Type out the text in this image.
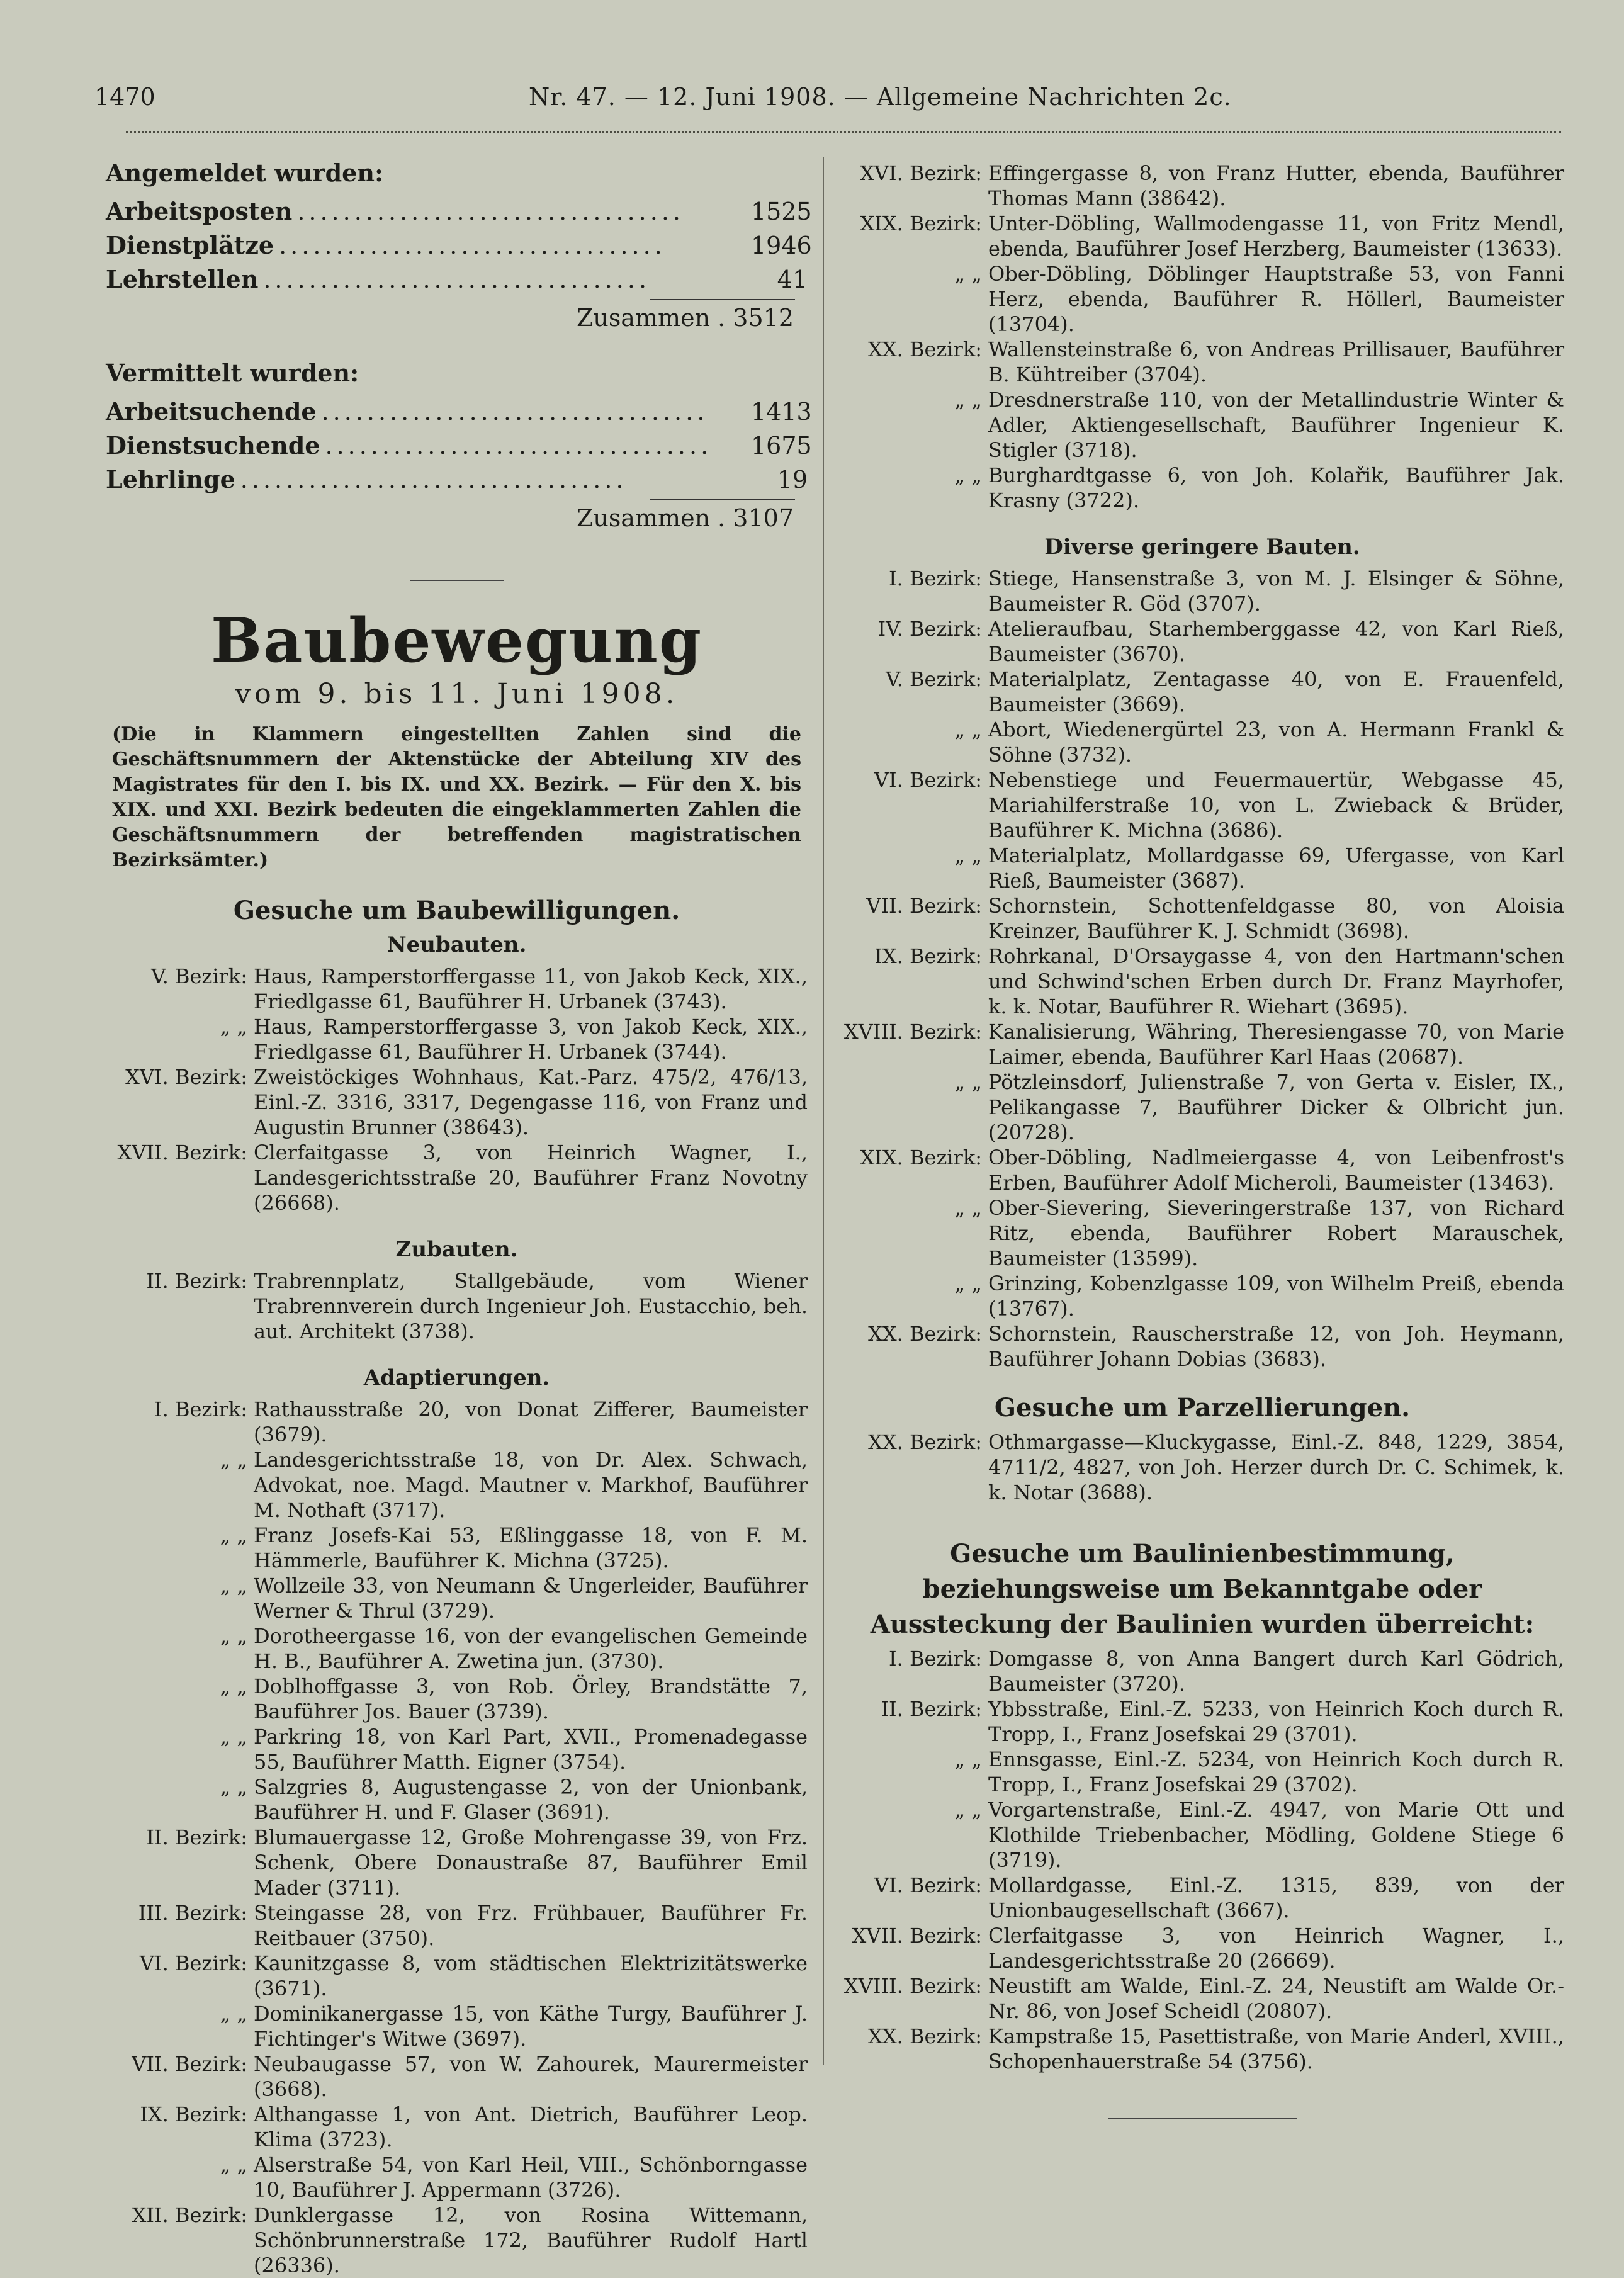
1470	Nr. 47. — 12. Juni 1908. — Allgemeine Nachrichten 2c.
Angemeldet wurden:
Arbeitsposten ..................................	1525
Dienstplätze ..................................	1946
Lehrstellen ..................................	41
Zusammen . 3512
Vermittelt wurden:
Arbeitsuchende ..................................	1413
Dienstsuchende ..................................	1675
Lehrlinge ..................................	19
Zusammen . 3107
Baubewegung
vom 9. bis 11. Juni 1908.
(Die in Klammern eingestellten Zahlen sind die Geschäftsnummern der Aktenstücke der Abteilung XIV des Magistrates für den I. bis IX. und XX. Bezirk. — Für den X. bis XIX. und XXI. Bezirk bedeuten die eingeklammerten Zahlen die Geschäftsnummern der betreffenden magistratischen Bezirksämter.)
Gesuche um Baubewilligungen.
Neubauten.
V. Bezirk: Haus, Ramperstorffergasse 11, von Jakob Keck, XIX., Friedlgasse 61, Bauführer H. Urbanek (3743).
„ „ Haus, Ramperstorffergasse 3, von Jakob Keck, XIX., Friedlgasse 61, Bauführer H. Urbanek (3744).
XVI. Bezirk: Zweistöckiges Wohnhaus, Kat.-Parz. 475/2, 476/13, Einl.-Z. 3316, 3317, Degengasse 116, von Franz und Augustin Brunner (38643).
XVII. Bezirk: Clerfaitgasse 3, von Heinrich Wagner, I., Landesgerichtsstraße 20, Bauführer Franz Novotny (26668).
Zubauten.
II. Bezirk: Trabrennplatz, Stallgebäude, vom Wiener Trabrennverein durch Ingenieur Joh. Eustacchio, beh. aut. Architekt (3738).
Adaptierungen.
I. Bezirk: Rathausstraße 20, von Donat Zifferer, Baumeister (3679).
„ „ Landesgerichtsstraße 18, von Dr. Alex. Schwach, Advokat, noe. Magd. Mautner v. Markhof, Bauführer M. Nothaft (3717).
„ „ Franz Josefs-Kai 53, Eßlinggasse 18, von F. M. Hämmerle, Bauführer K. Michna (3725).
„ „ Wollzeile 33, von Neumann & Ungerleider, Bauführer Werner & Thrul (3729).
„ „ Dorotheergasse 16, von der evangelischen Gemeinde H. B., Bauführer A. Zwetina jun. (3730).
„ „ Doblhoffgasse 3, von Rob. Örley, Brandstätte 7, Bauführer Jos. Bauer (3739).
„ „ Parkring 18, von Karl Part, XVII., Promenadegasse 55, Bauführer Matth. Eigner (3754).
„ „ Salzgries 8, Augustengasse 2, von der Unionbank, Bauführer H. und F. Glaser (3691).
II. Bezirk: Blumauergasse 12, Große Mohrengasse 39, von Frz. Schenk, Obere Donaustraße 87, Bauführer Emil Mader (3711).
III. Bezirk: Steingasse 28, von Frz. Frühbauer, Bauführer Fr. Reitbauer (3750).
VI. Bezirk: Kaunitzgasse 8, vom städtischen Elektrizitätswerke (3671).
„ „ Dominikanergasse 15, von Käthe Turgy, Bauführer J. Fichtinger's Witwe (3697).
VII. Bezirk: Neubaugasse 57, von W. Zahourek, Maurermeister (3668).
IX. Bezirk: Althangasse 1, von Ant. Dietrich, Bauführer Leop. Klima (3723).
„ „ Alserstraße 54, von Karl Heil, VIII., Schönborngasse 10, Bauführer J. Appermann (3726).
XII. Bezirk: Dunklergasse 12, von Rosina Wittemann, Schönbrunnerstraße 172, Bauführer Rudolf Hartl (26336).
XVI. Bezirk: Effingergasse 8, von Franz Hutter, ebenda, Bauführer Thomas Mann (38642).
XIX. Bezirk: Unter-Döbling, Wallmodengasse 11, von Fritz Mendl, ebenda, Bauführer Josef Herzberg, Baumeister (13633).
„ „ Ober-Döbling, Döblinger Hauptstraße 53, von Fanni Herz, ebenda, Bauführer R. Höllerl, Baumeister (13704).
XX. Bezirk: Wallensteinstraße 6, von Andreas Prillisauer, Bauführer B. Kühtreiber (3704).
„ „ Dresdnerstraße 110, von der Metallindustrie Winter & Adler, Aktiengesellschaft, Bauführer Ingenieur K. Stigler (3718).
„ „ Burghardtgasse 6, von Joh. Kolařik, Bauführer Jak. Krasny (3722).
Diverse geringere Bauten.
I. Bezirk: Stiege, Hansenstraße 3, von M. J. Elsinger & Söhne, Baumeister R. Göd (3707).
IV. Bezirk: Atelieraufbau, Starhemberggasse 42, von Karl Rieß, Baumeister (3670).
V. Bezirk: Materialplatz, Zentagasse 40, von E. Frauenfeld, Baumeister (3669).
„ „ Abort, Wiedenergürtel 23, von A. Hermann Frankl & Söhne (3732).
VI. Bezirk: Nebenstiege und Feuermauertür, Webgasse 45, Mariahilferstraße 10, von L. Zwieback & Brüder, Bauführer K. Michna (3686).
„ „ Materialplatz, Mollardgasse 69, Ufergasse, von Karl Rieß, Baumeister (3687).
VII. Bezirk: Schornstein, Schottenfeldgasse 80, von Aloisia Kreinzer, Bauführer K. J. Schmidt (3698).
IX. Bezirk: Rohrkanal, D'Orsaygasse 4, von den Hartmann'schen und Schwind'schen Erben durch Dr. Franz Mayrhofer, k. k. Notar, Bauführer R. Wiehart (3695).
XVIII. Bezirk: Kanalisierung, Währing, Theresiengasse 70, von Marie Laimer, ebenda, Bauführer Karl Haas (20687).
„ „ Pötzleinsdorf, Julienstraße 7, von Gerta v. Eisler, IX., Pelikangasse 7, Bauführer Dicker & Olbricht jun. (20728).
XIX. Bezirk: Ober-Döbling, Nadlmeiergasse 4, von Leibenfrost's Erben, Bauführer Adolf Micheroli, Baumeister (13463).
„ „ Ober-Sievering, Sieveringerstraße 137, von Richard Ritz, ebenda, Bauführer Robert Marauschek, Baumeister (13599).
„ „ Grinzing, Kobenzlgasse 109, von Wilhelm Preiß, ebenda (13767).
XX. Bezirk: Schornstein, Rauscherstraße 12, von Joh. Heymann, Bauführer Johann Dobias (3683).
Gesuche um Parzellierungen.
XX. Bezirk: Othmargasse—Kluckygasse, Einl.-Z. 848, 1229, 3854, 4711/2, 4827, von Joh. Herzer durch Dr. C. Schimek, k. k. Notar (3688).
Gesuche um Baulinienbestimmung, beziehungsweise um Bekanntgabe oder Aussteckung der Baulinien wurden überreicht:
I. Bezirk: Domgasse 8, von Anna Bangert durch Karl Gödrich, Baumeister (3720).
II. Bezirk: Ybbsstraße, Einl.-Z. 5233, von Heinrich Koch durch R. Tropp, I., Franz Josefskai 29 (3701).
„ „ Ennsgasse, Einl.-Z. 5234, von Heinrich Koch durch R. Tropp, I., Franz Josefskai 29 (3702).
„ „ Vorgartenstraße, Einl.-Z. 4947, von Marie Ott und Klothilde Triebenbacher, Mödling, Goldene Stiege 6 (3719).
VI. Bezirk: Mollardgasse, Einl.-Z. 1315, 839, von der Unionbaugesellschaft (3667).
XVII. Bezirk: Clerfaitgasse 3, von Heinrich Wagner, I., Landesgerichtsstraße 20 (26669).
XVIII. Bezirk: Neustift am Walde, Einl.-Z. 24, Neustift am Walde Or.-Nr. 86, von Josef Scheidl (20807).
XX. Bezirk: Kampstraße 15, Pasettistraße, von Marie Anderl, XVIII., Schopenhauerstraße 54 (3756).
